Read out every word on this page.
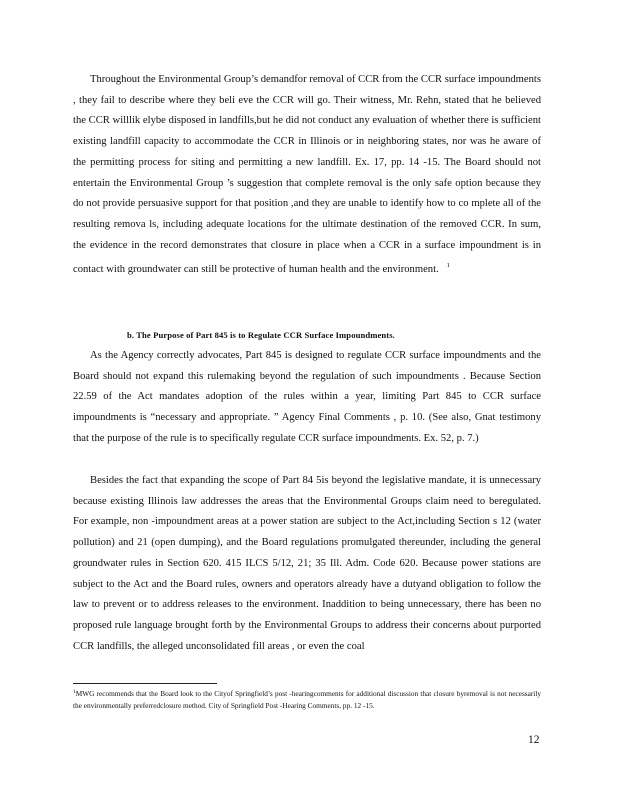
Throughout the Environmental Group’s demandfor removal of CCR from the CCR surface impoundments , they fail to describe where they beli eve the CCR will go. Their witness, Mr. Rehn, stated that he believed the CCR willlik elybe disposed in landfills,but he did not conduct any evaluation of whether there is sufficient existing landfill capacity to accommodate the CCR in Illinois or in neighboring states, nor was he aware of the permitting process for siting and permitting a new landfill. Ex. 17, pp. 14 -15. The Board should not entertain the Environmental Group ’s suggestion that complete removal is the only safe option because they do not provide persuasive support for that position ,and they are unable to identify how to co mplete all of the resulting remova ls, including adequate locations for the ultimate destination of the removed CCR. In sum, the evidence in the record demonstrates that closure in place when a CCR in a surface impoundment is in contact with groundwater can still be protective of human health and the environment. $^1$

b. The Purpose of Part 845 is to Regulate CCR Surface Impoundments.

As the Agency correctly advocates, Part 845 is designed to regulate CCR surface impoundments and the Board should not expand this rulemaking beyond the regulation of such impoundments . Because Section 22.59 of the Act mandates adoption of the rules within a year, limiting Part 845 to CCR surface impoundments is “necessary and appropriate. ” Agency Final Comments , p. 10. (See also, Gnat testimony that the purpose of the rule is to specifically regulate CCR surface impoundments. Ex. 52, p. 7.)

Besides the fact that expanding the scope of Part 84 5is beyond the legislative mandate, it is unnecessary because existing Illinois law addresses the areas that the Environmental Groups claim need to beregulated. For example, non -impoundment areas at a power station are subject to the Act,including Section s 12 (water pollution) and 21 (open dumping), and the Board regulations promulgated thereunder, including the general groundwater rules in Section 620. 415 ILCS 5/12, 21; 35 Ill. Adm. Code 620. Because power stations are subject to the Act and the Board rules, owners and operators already have a dutyand obligation to follow the law to prevent or to address releases to the environment. Inaddition to being unnecessary, there has been no proposed rule language brought forth by the Environmental Groups to address their concerns about purported CCR landfills, the alleged unconsolidated fill areas , or even the coal

$^1$MWG recommends that the Board look to the Cityof Springfield’s post -hearingcomments for additional discussion that closure byremoval is not necessarily the environmentally preferredclosure method. City of Springfield Post -Hearing Comments, pp. 12 -15.

12
